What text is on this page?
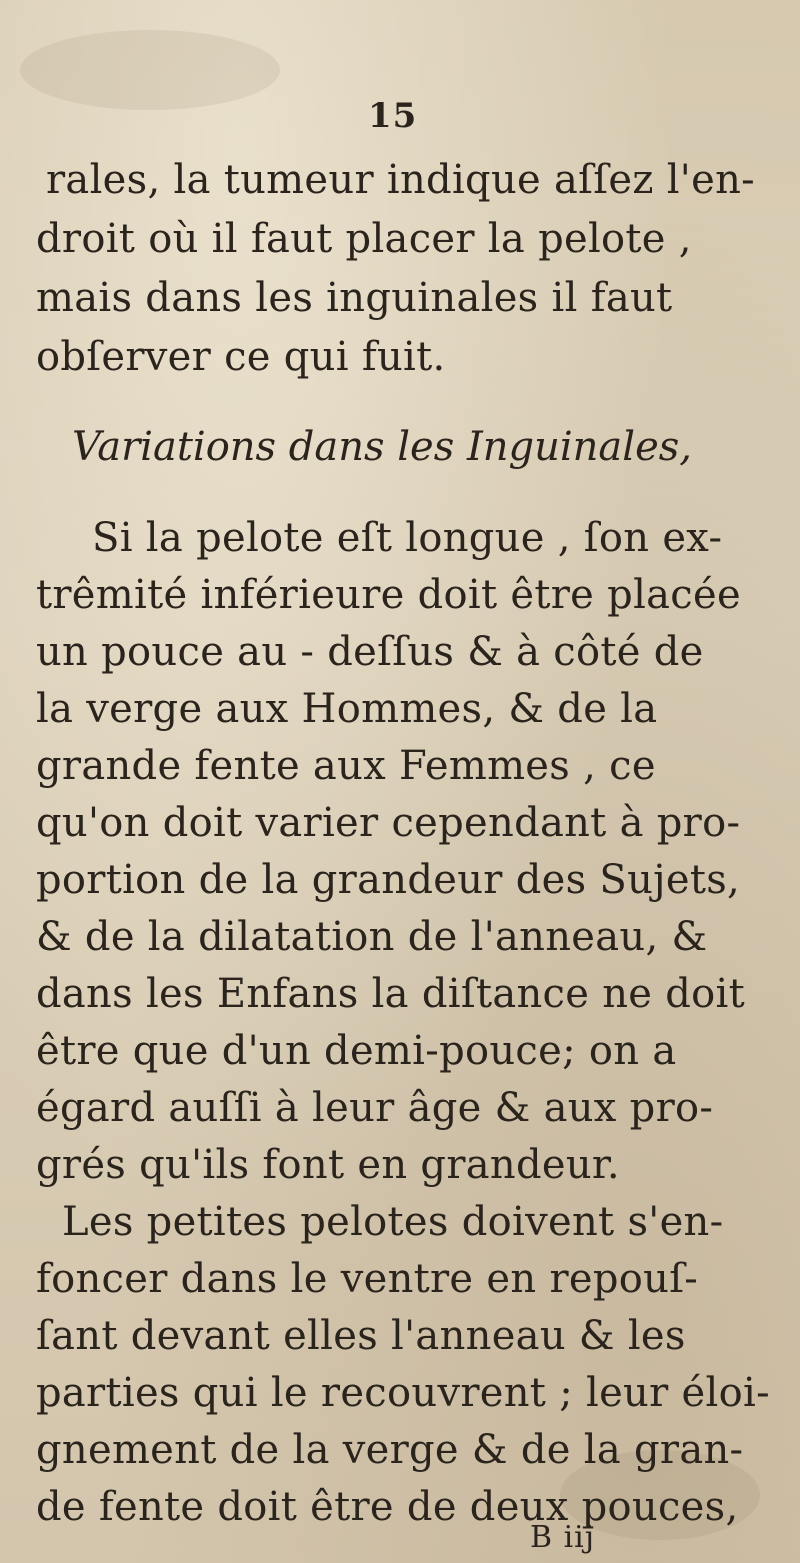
15
rales, la tumeur indique aſſez l'en-
droit où il faut placer la pelote ,
mais dans les inguinales il faut
obſerver ce qui fuit.
Variations dans les Inguinales,
Si la pelote eſt longue , ſon ex-
trêmité inférieure doit être placée
un pouce au - deſſus & à côté de
la verge aux Hommes, & de la
grande fente aux Femmes , ce
qu'on doit varier cependant à pro-
portion de la grandeur des Sujets,
& de la dilatation de l'anneau, &
dans les Enfans la diſtance ne doit
être que d'un demi-pouce; on a
égard auſſi à leur âge & aux pro-
grés qu'ils font en grandeur.
Les petites pelotes doivent s'en-
foncer dans le ventre en repouſ-
ſant devant elles l'anneau & les
parties qui le recouvrent ; leur éloi-
gnement de la verge & de la gran-
de fente doit être de deux pouces,
B iij
